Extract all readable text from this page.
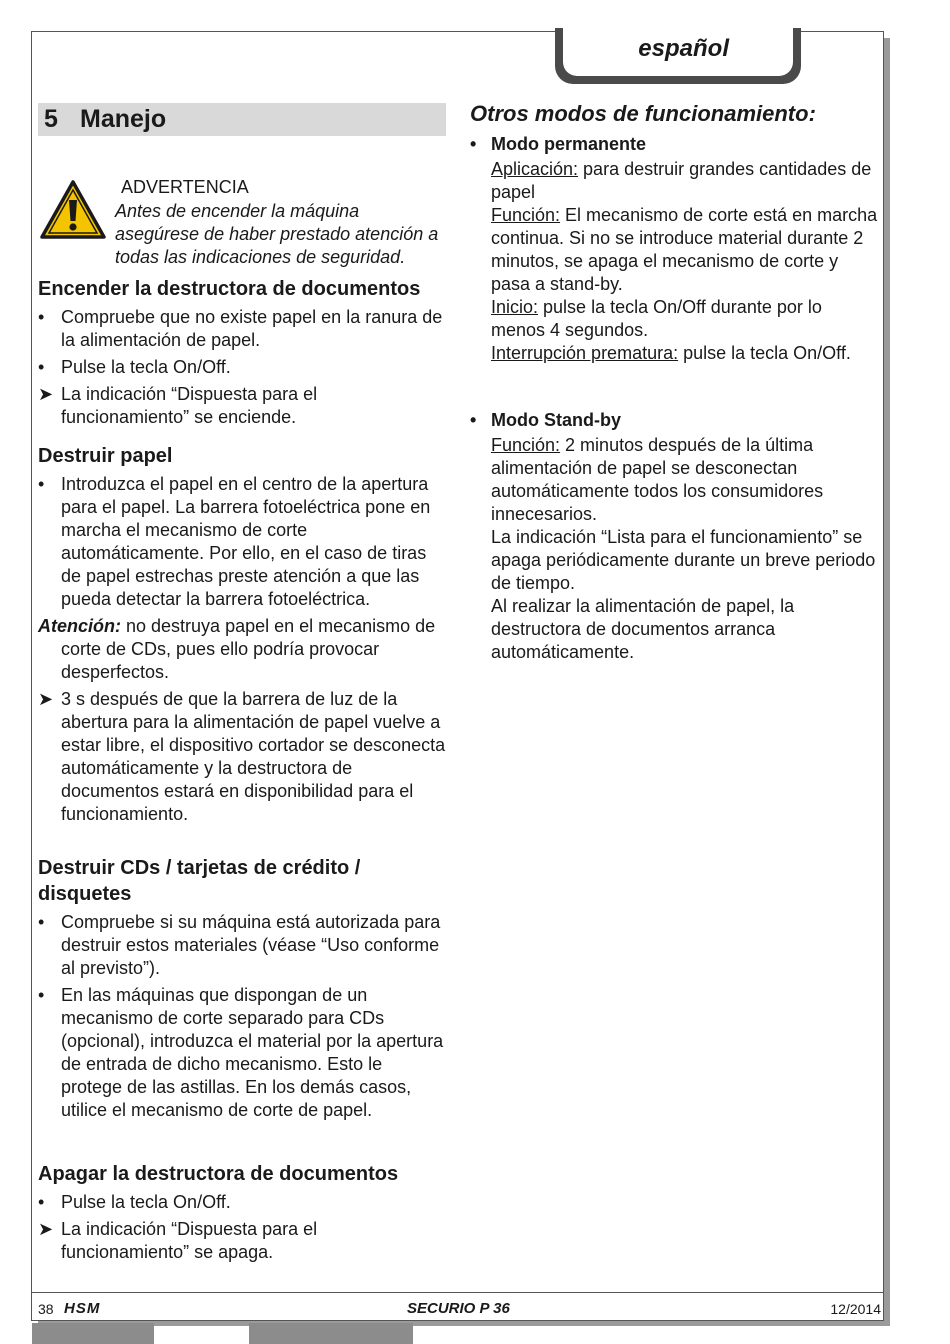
español
5 Manejo
ADVERTENCIA
Antes de encender la máquina asegúrese de haber prestado atención a todas las indicaciones de seguridad.
Encender la destructora de documentos
• Compruebe que no existe papel en la ranura de la alimentación de papel.
• Pulse la tecla On/Off.
➤ La indicación “Dispuesta para el funcionamiento” se enciende.
Destruir papel
• Introduzca el papel en el centro de la apertura para el papel. La barrera fotoeléctrica pone en marcha el mecanismo de corte automáticamente. Por ello, en el caso de tiras de papel estrechas preste atención a que las pueda detectar la barrera fotoeléctrica.
Atención: no destruya papel en el mecanismo de corte de CDs, pues ello podría provocar desperfectos.
➤ 3 s después de que la barrera de luz de la abertura para la alimentación de papel vuelve a estar libre, el dispositivo cortador se desconecta automáticamente y la destructora de documentos estará en disponibilidad para el funcionamiento.
Destruir CDs / tarjetas de crédito / disquetes
• Compruebe si su máquina está autorizada para destruir estos materiales (véase “Uso conforme al previsto”).
• En las máquinas que dispongan de un mecanismo de corte separado para CDs (opcional), introduzca el material por la apertura de entrada de dicho mecanismo. Esto le protege de las astillas. En los demás casos, utilice el mecanismo de corte de papel.
Apagar la destructora de documentos
• Pulse la tecla On/Off.
➤ La indicación “Dispuesta para el funcionamiento” se apaga.
Otros modos de funcionamiento:
• Modo permanente
Aplicación: para destruir grandes cantidades de papel
Función: El mecanismo de corte está en marcha continua. Si no se introduce material durante 2 minutos, se apaga el mecanismo de corte y pasa a stand-by.
Inicio: pulse la tecla On/Off durante por lo menos 4 segundos.
Interrupción prematura: pulse la tecla On/Off.
• Modo Stand-by
Función: 2 minutos después de la última alimentación de papel se desconectan automáticamente todos los consumidores innecesarios.
La indicación “Lista para el funcionamiento” se apaga periódicamente durante un breve periodo de tiempo.
Al realizar la alimentación de papel, la destructora de documentos arranca automáticamente.
38 HSM	SECURIO P 36	12/2014
